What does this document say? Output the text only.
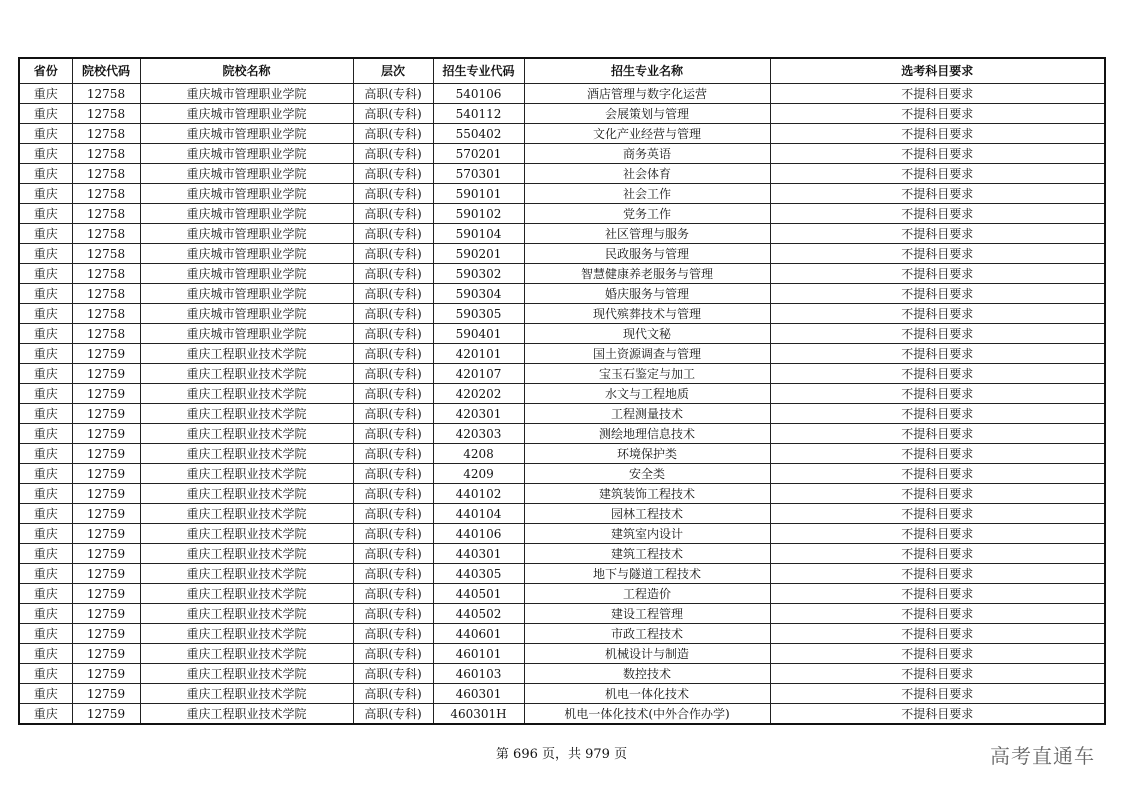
省份	院校代码	院校名称	层次	招生专业代码	招生专业名称	选考科目要求
重庆	12758	重庆城市管理职业学院	高职(专科)	540106	酒店管理与数字化运营	不提科目要求
重庆	12758	重庆城市管理职业学院	高职(专科)	540112	会展策划与管理	不提科目要求
重庆	12758	重庆城市管理职业学院	高职(专科)	550402	文化产业经营与管理	不提科目要求
重庆	12758	重庆城市管理职业学院	高职(专科)	570201	商务英语	不提科目要求
重庆	12758	重庆城市管理职业学院	高职(专科)	570301	社会体育	不提科目要求
重庆	12758	重庆城市管理职业学院	高职(专科)	590101	社会工作	不提科目要求
重庆	12758	重庆城市管理职业学院	高职(专科)	590102	党务工作	不提科目要求
重庆	12758	重庆城市管理职业学院	高职(专科)	590104	社区管理与服务	不提科目要求
重庆	12758	重庆城市管理职业学院	高职(专科)	590201	民政服务与管理	不提科目要求
重庆	12758	重庆城市管理职业学院	高职(专科)	590302	智慧健康养老服务与管理	不提科目要求
重庆	12758	重庆城市管理职业学院	高职(专科)	590304	婚庆服务与管理	不提科目要求
重庆	12758	重庆城市管理职业学院	高职(专科)	590305	现代殡葬技术与管理	不提科目要求
重庆	12758	重庆城市管理职业学院	高职(专科)	590401	现代文秘	不提科目要求
重庆	12759	重庆工程职业技术学院	高职(专科)	420101	国土资源调查与管理	不提科目要求
重庆	12759	重庆工程职业技术学院	高职(专科)	420107	宝玉石鉴定与加工	不提科目要求
重庆	12759	重庆工程职业技术学院	高职(专科)	420202	水文与工程地质	不提科目要求
重庆	12759	重庆工程职业技术学院	高职(专科)	420301	工程测量技术	不提科目要求
重庆	12759	重庆工程职业技术学院	高职(专科)	420303	测绘地理信息技术	不提科目要求
重庆	12759	重庆工程职业技术学院	高职(专科)	4208	环境保护类	不提科目要求
重庆	12759	重庆工程职业技术学院	高职(专科)	4209	安全类	不提科目要求
重庆	12759	重庆工程职业技术学院	高职(专科)	440102	建筑装饰工程技术	不提科目要求
重庆	12759	重庆工程职业技术学院	高职(专科)	440104	园林工程技术	不提科目要求
重庆	12759	重庆工程职业技术学院	高职(专科)	440106	建筑室内设计	不提科目要求
重庆	12759	重庆工程职业技术学院	高职(专科)	440301	建筑工程技术	不提科目要求
重庆	12759	重庆工程职业技术学院	高职(专科)	440305	地下与隧道工程技术	不提科目要求
重庆	12759	重庆工程职业技术学院	高职(专科)	440501	工程造价	不提科目要求
重庆	12759	重庆工程职业技术学院	高职(专科)	440502	建设工程管理	不提科目要求
重庆	12759	重庆工程职业技术学院	高职(专科)	440601	市政工程技术	不提科目要求
重庆	12759	重庆工程职业技术学院	高职(专科)	460101	机械设计与制造	不提科目要求
重庆	12759	重庆工程职业技术学院	高职(专科)	460103	数控技术	不提科目要求
重庆	12759	重庆工程职业技术学院	高职(专科)	460301	机电一体化技术	不提科目要求
重庆	12759	重庆工程职业技术学院	高职(专科)	460301H	机电一体化技术(中外合作办学)	不提科目要求
第 696 页，共 979 页	高考直通车
